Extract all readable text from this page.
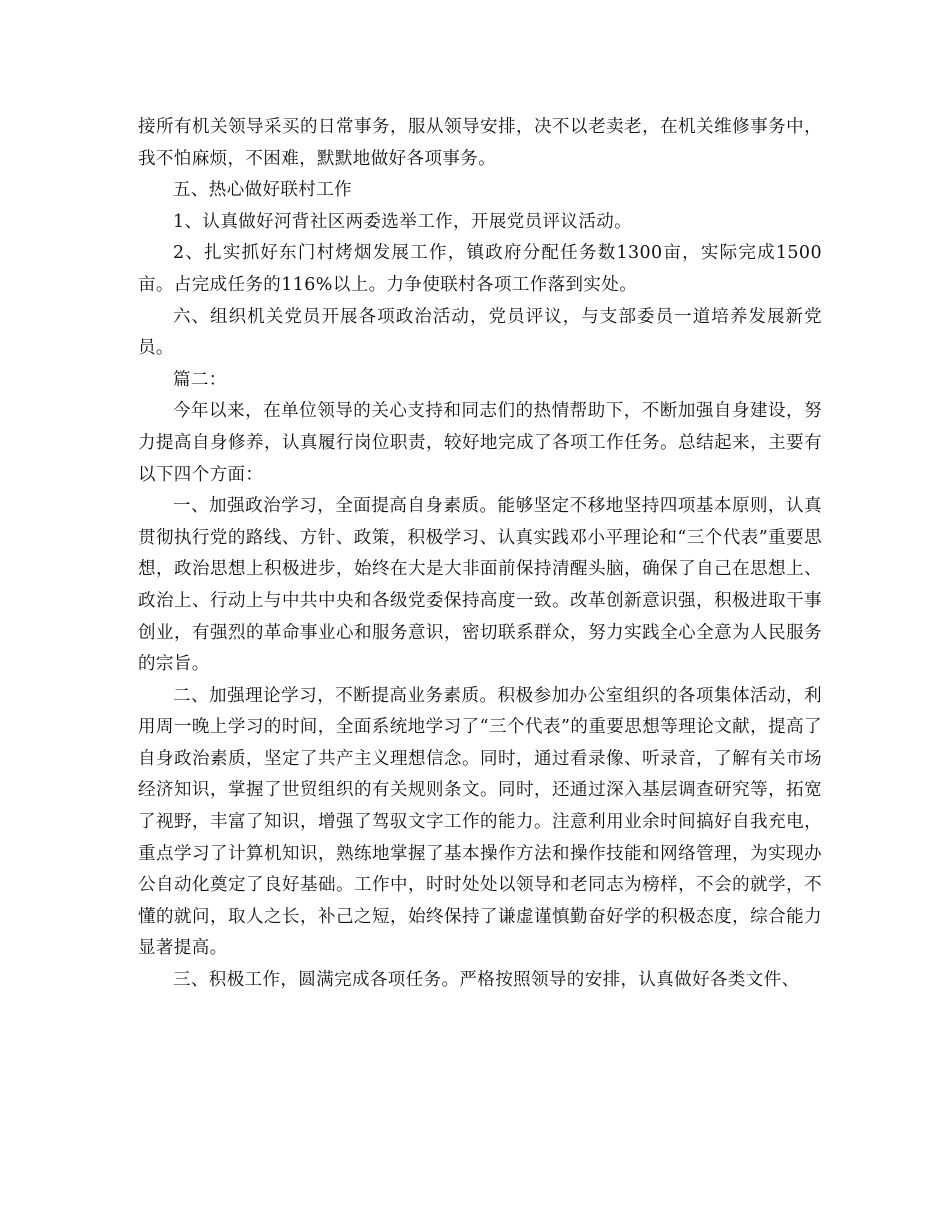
接所有机关领导采买的日常事务，服从领导安排，决不以老卖老，在机关维修事务中，我不怕麻烦，不困难，默默地做好各项事务。

五、热心做好联村工作

1、认真做好河背社区两委选举工作，开展党员评议活动。

2、扎实抓好东门村烤烟发展工作，镇政府分配任务数1300亩，实际完成1500亩。占完成任务的116%以上。力争使联村各项工作落到实处。

六、组织机关党员开展各项政治活动，党员评议，与支部委员一道培养发展新党员。

篇二：

今年以来，在单位领导的关心支持和同志们的热情帮助下，不断加强自身建设，努力提高自身修养，认真履行岗位职责，较好地完成了各项工作任务。总结起来，主要有以下四个方面：

一、加强政治学习，全面提高自身素质。能够坚定不移地坚持四项基本原则，认真贯彻执行党的路线、方针、政策，积极学习、认真实践邓小平理论和“三个代表”重要思想，政治思想上积极进步，始终在大是大非面前保持清醒头脑，确保了自己在思想上、政治上、行动上与中共中央和各级党委保持高度一致。改革创新意识强，积极进取干事创业，有强烈的革命事业心和服务意识，密切联系群众，努力实践全心全意为人民服务的宗旨。

二、加强理论学习，不断提高业务素质。积极参加办公室组织的各项集体活动，利用周一晚上学习的时间，全面系统地学习了“三个代表”的重要思想等理论文献，提高了自身政治素质，坚定了共产主义理想信念。同时，通过看录像、听录音，了解有关市场经济知识，掌握了世贸组织的有关规则条文。同时，还通过深入基层调查研究等，拓宽了视野，丰富了知识，增强了驾驭文字工作的能力。注意利用业余时间搞好自我充电，重点学习了计算机知识，熟练地掌握了基本操作方法和操作技能和网络管理，为实现办公自动化奠定了良好基础。工作中，时时处处以领导和老同志为榜样，不会的就学，不懂的就问，取人之长，补己之短，始终保持了谦虚谨慎勤奋好学的积极态度，综合能力显著提高。

三、积极工作，圆满完成各项任务。严格按照领导的安排，认真做好各类文件、
